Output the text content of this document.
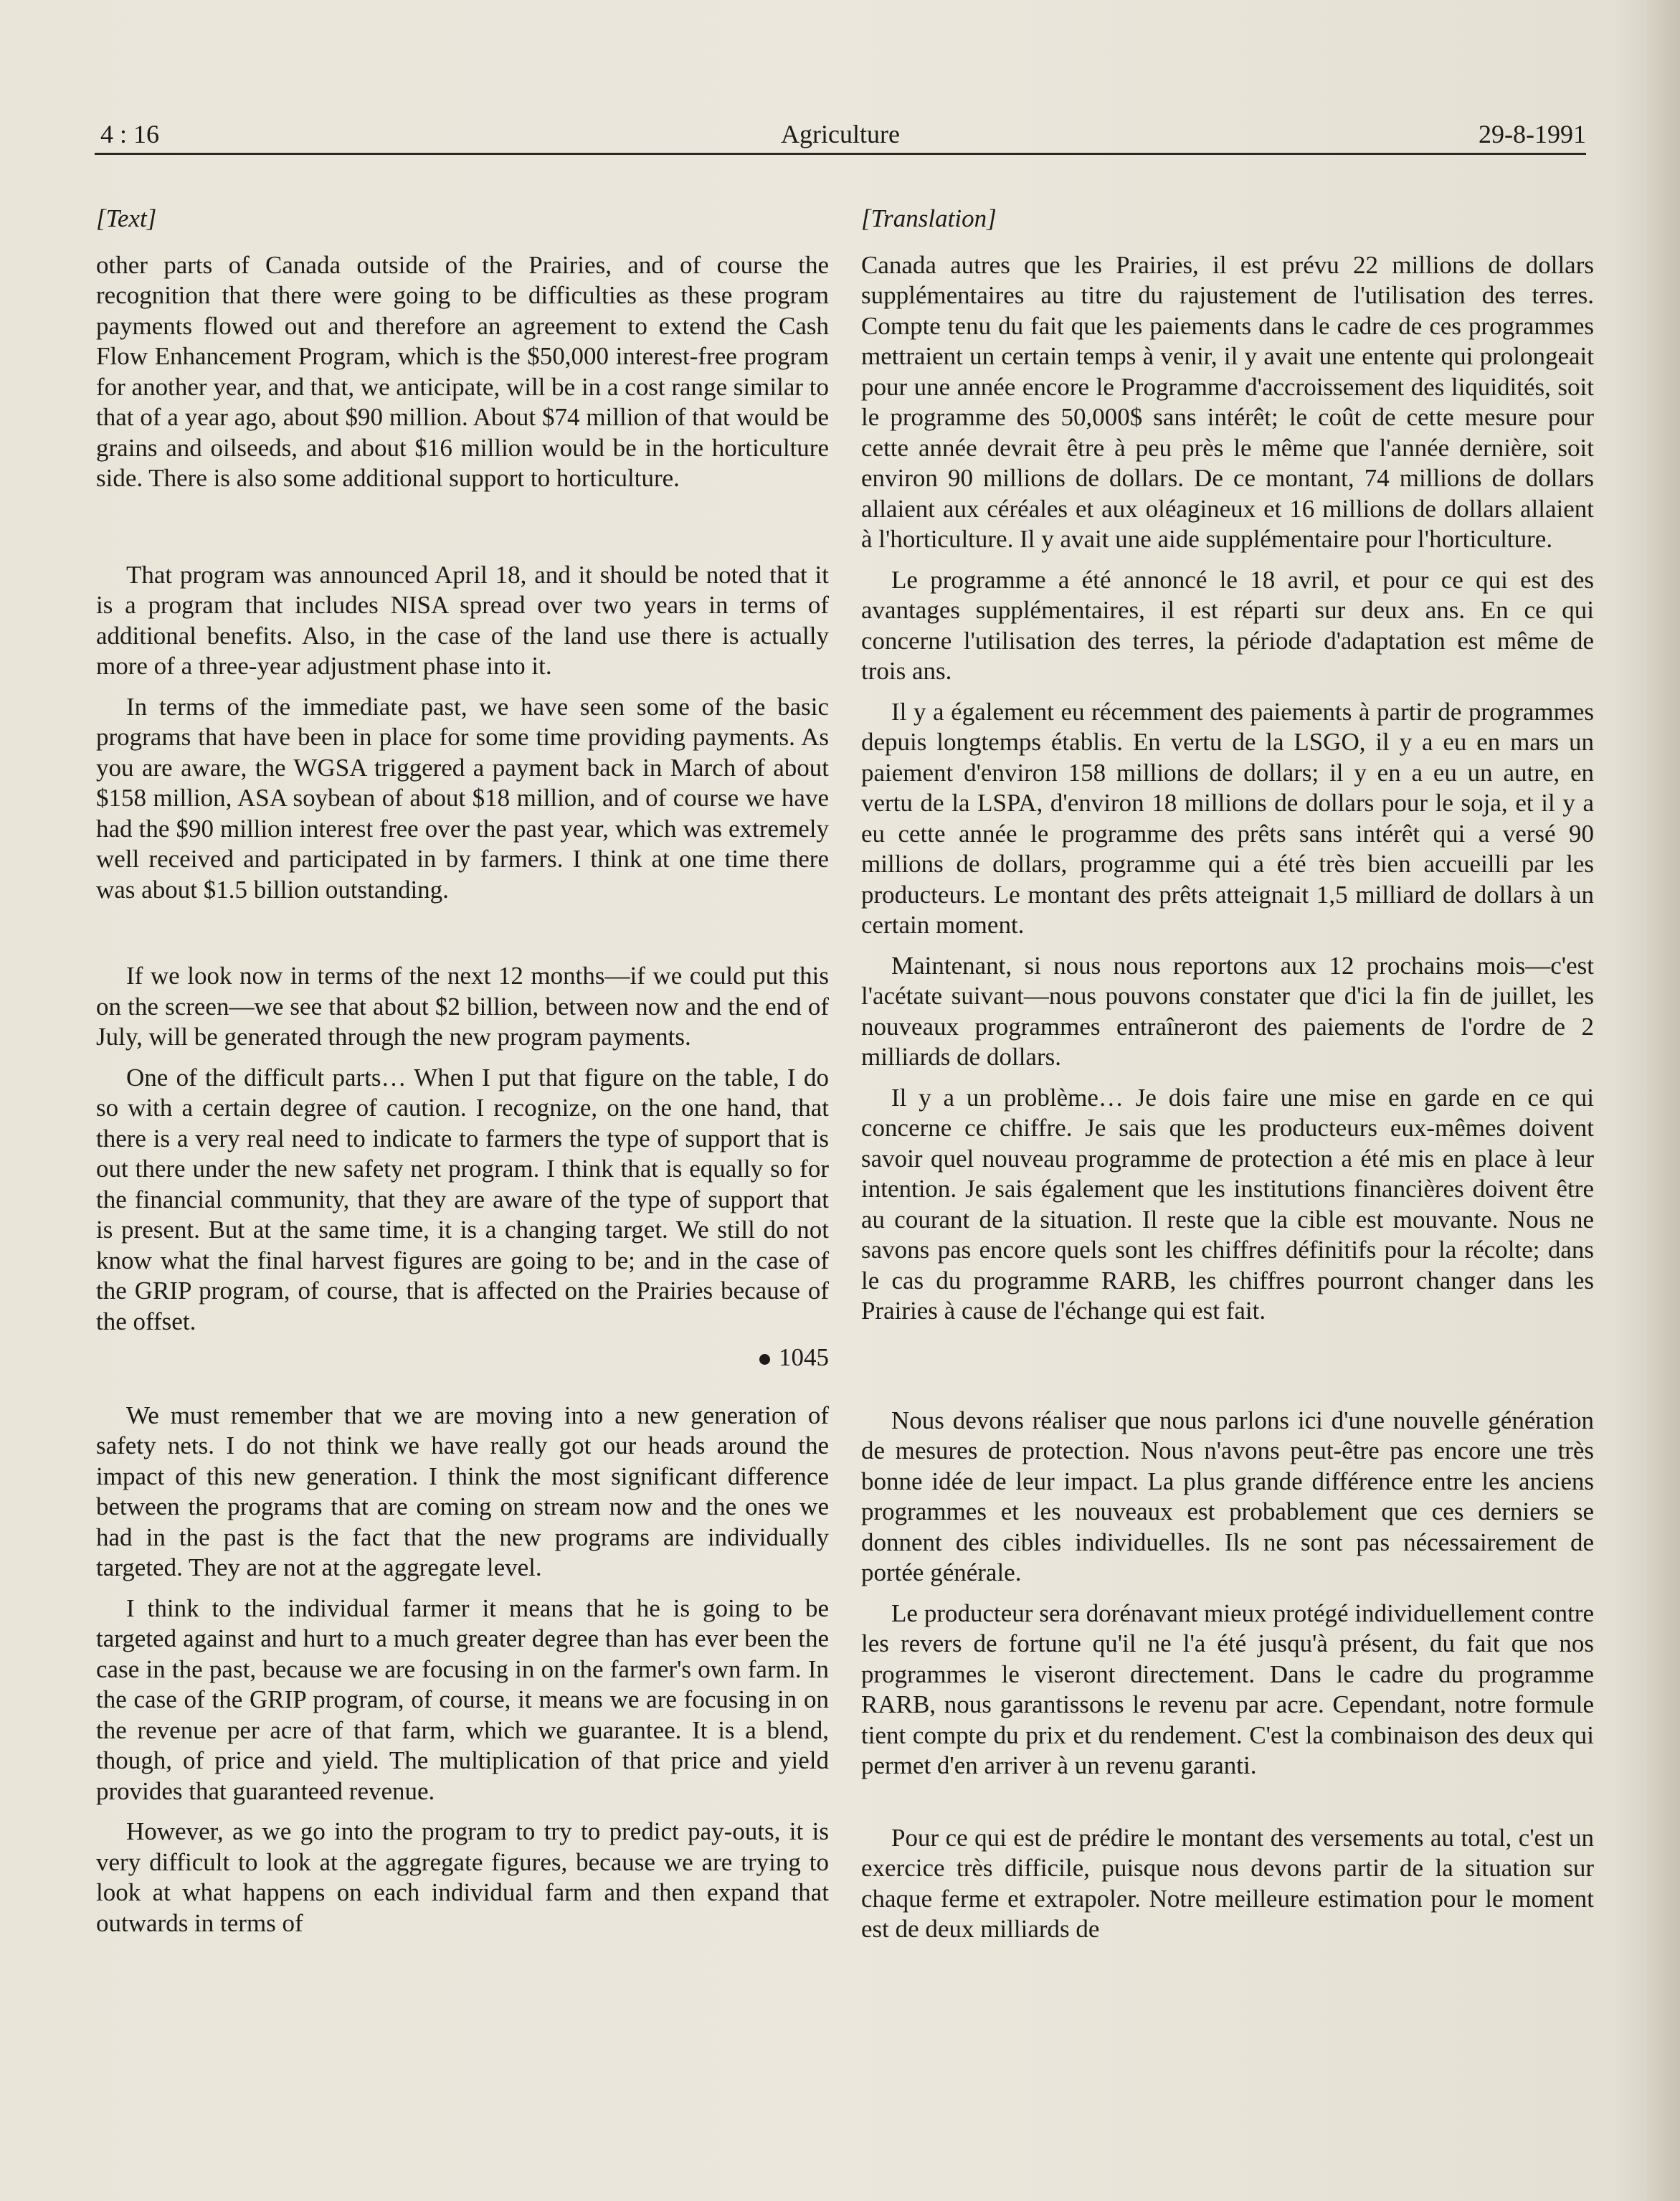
4 : 16	Agriculture	29-8-1991
[Text]

other parts of Canada outside of the Prairies, and of course the recognition that there were going to be difficulties as these program payments flowed out and therefore an agreement to extend the Cash Flow Enhancement Program, which is the $50,000 interest-free program for another year, and that, we anticipate, will be in a cost range similar to that of a year ago, about $90 million. About $74 million of that would be grains and oilseeds, and about $16 million would be in the horticulture side. There is also some additional support to horticulture.

That program was announced April 18, and it should be noted that it is a program that includes NISA spread over two years in terms of additional benefits. Also, in the case of the land use there is actually more of a three-year adjustment phase into it.

In terms of the immediate past, we have seen some of the basic programs that have been in place for some time providing payments. As you are aware, the WGSA triggered a payment back in March of about $158 million, ASA soybean of about $18 million, and of course we have had the $90 million interest free over the past year, which was extremely well received and participated in by farmers. I think at one time there was about $1.5 billion outstanding.

If we look now in terms of the next 12 months—if we could put this on the screen—we see that about $2 billion, between now and the end of July, will be generated through the new program payments.

One of the difficult parts… When I put that figure on the table, I do so with a certain degree of caution. I recognize, on the one hand, that there is a very real need to indicate to farmers the type of support that is out there under the new safety net program. I think that is equally so for the financial community, that they are aware of the type of support that is present. But at the same time, it is a changing target. We still do not know what the final harvest figures are going to be; and in the case of the GRIP program, of course, that is affected on the Prairies because of the offset.

1045

We must remember that we are moving into a new generation of safety nets. I do not think we have really got our heads around the impact of this new generation. I think the most significant difference between the programs that are coming on stream now and the ones we had in the past is the fact that the new programs are individually targeted. They are not at the aggregate level.

I think to the individual farmer it means that he is going to be targeted against and hurt to a much greater degree than has ever been the case in the past, because we are focusing in on the farmer's own farm. In the case of the GRIP program, of course, it means we are focusing in on the revenue per acre of that farm, which we guarantee. It is a blend, though, of price and yield. The multiplication of that price and yield provides that guaranteed revenue.

However, as we go into the program to try to predict pay-outs, it is very difficult to look at the aggregate figures, because we are trying to look at what happens on each individual farm and then expand that outwards in terms of

[Translation]

Canada autres que les Prairies, il est prévu 22 millions de dollars supplémentaires au titre du rajustement de l'utilisation des terres. Compte tenu du fait que les paiements dans le cadre de ces programmes mettraient un certain temps à venir, il y avait une entente qui prolongeait pour une année encore le Programme d'accroissement des liquidités, soit le programme des 50,000$ sans intérêt; le coût de cette mesure pour cette année devrait être à peu près le même que l'année dernière, soit environ 90 millions de dollars. De ce montant, 74 millions de dollars allaient aux céréales et aux oléagineux et 16 millions de dollars allaient à l'horticulture. Il y avait une aide supplémentaire pour l'horticulture.

Le programme a été annoncé le 18 avril, et pour ce qui est des avantages supplémentaires, il est réparti sur deux ans. En ce qui concerne l'utilisation des terres, la période d'adaptation est même de trois ans.

Il y a également eu récemment des paiements à partir de programmes depuis longtemps établis. En vertu de la LSGO, il y a eu en mars un paiement d'environ 158 millions de dollars; il y en a eu un autre, en vertu de la LSPA, d'environ 18 millions de dollars pour le soja, et il y a eu cette année le programme des prêts sans intérêt qui a versé 90 millions de dollars, programme qui a été très bien accueilli par les producteurs. Le montant des prêts atteignait 1,5 milliard de dollars à un certain moment.

Maintenant, si nous nous reportons aux 12 prochains mois—c'est l'acétate suivant—nous pouvons constater que d'ici la fin de juillet, les nouveaux programmes entraîneront des paiements de l'ordre de 2 milliards de dollars.

Il y a un problème… Je dois faire une mise en garde en ce qui concerne ce chiffre. Je sais que les producteurs eux-mêmes doivent savoir quel nouveau programme de protection a été mis en place à leur intention. Je sais également que les institutions financières doivent être au courant de la situation. Il reste que la cible est mouvante. Nous ne savons pas encore quels sont les chiffres définitifs pour la récolte; dans le cas du programme RARB, les chiffres pourront changer dans les Prairies à cause de l'échange qui est fait.

Nous devons réaliser que nous parlons ici d'une nouvelle génération de mesures de protection. Nous n'avons peut-être pas encore une très bonne idée de leur impact. La plus grande différence entre les anciens programmes et les nouveaux est probablement que ces derniers se donnent des cibles individuelles. Ils ne sont pas nécessairement de portée générale.

Le producteur sera dorénavant mieux protégé individuellement contre les revers de fortune qu'il ne l'a été jusqu'à présent, du fait que nos programmes le viseront directement. Dans le cadre du programme RARB, nous garantissons le revenu par acre. Cependant, notre formule tient compte du prix et du rendement. C'est la combinaison des deux qui permet d'en arriver à un revenu garanti.

Pour ce qui est de prédire le montant des versements au total, c'est un exercice très difficile, puisque nous devons partir de la situation sur chaque ferme et extrapoler. Notre meilleure estimation pour le moment est de deux milliards de
